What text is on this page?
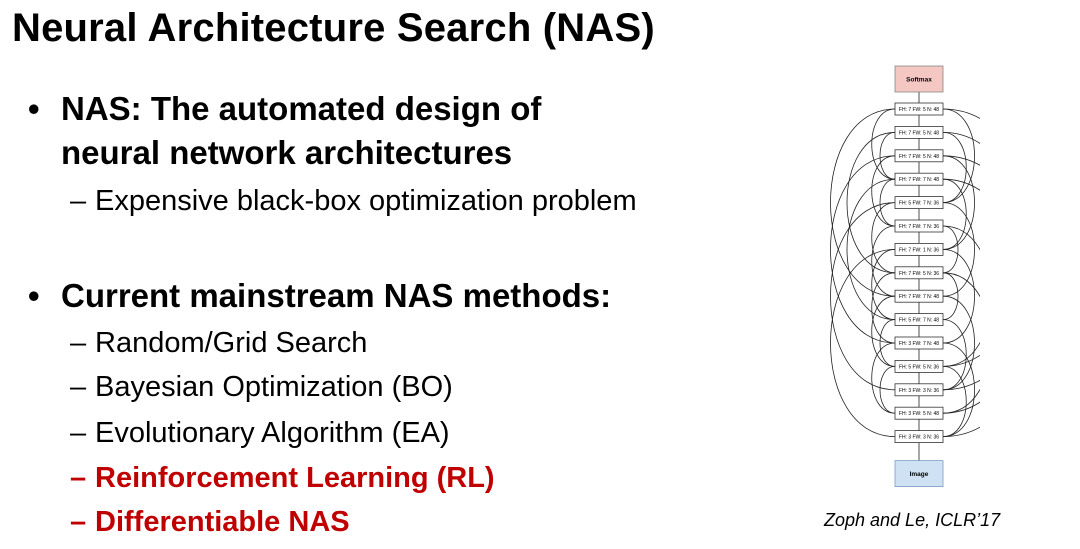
Neural Architecture Search (NAS)
• NAS: The automated design of
neural network architectures
– Expensive black-box optimization problem
• Current mainstream NAS methods:
– Random/Grid Search
– Bayesian Optimization (BO)
– Evolutionary Algorithm (EA)
– Reinforcement Learning (RL)
– Differentiable NAS
Softmax
FH: 7 FW: 5 N: 48
FH: 7 FW: 5 N: 48
FH: 7 FW: 5 N: 48
FH: 7 FW: 7 N: 48
FH: 5 FW: 7 N: 36
FH: 7 FW: 7 N: 36
FH: 7 FW: 1 N: 36
FH: 7 FW: 5 N: 36
FH: 7 FW: 7 N: 48
FH: 5 FW: 7 N: 48
FH: 3 FW: 7 N: 48
FH: 5 FW: 5 N: 36
FH: 3 FW: 3 N: 36
FH: 3 FW: 5 N: 48
FH: 3 FW: 3 N: 36
Image
Zoph and Le, ICLR’17
